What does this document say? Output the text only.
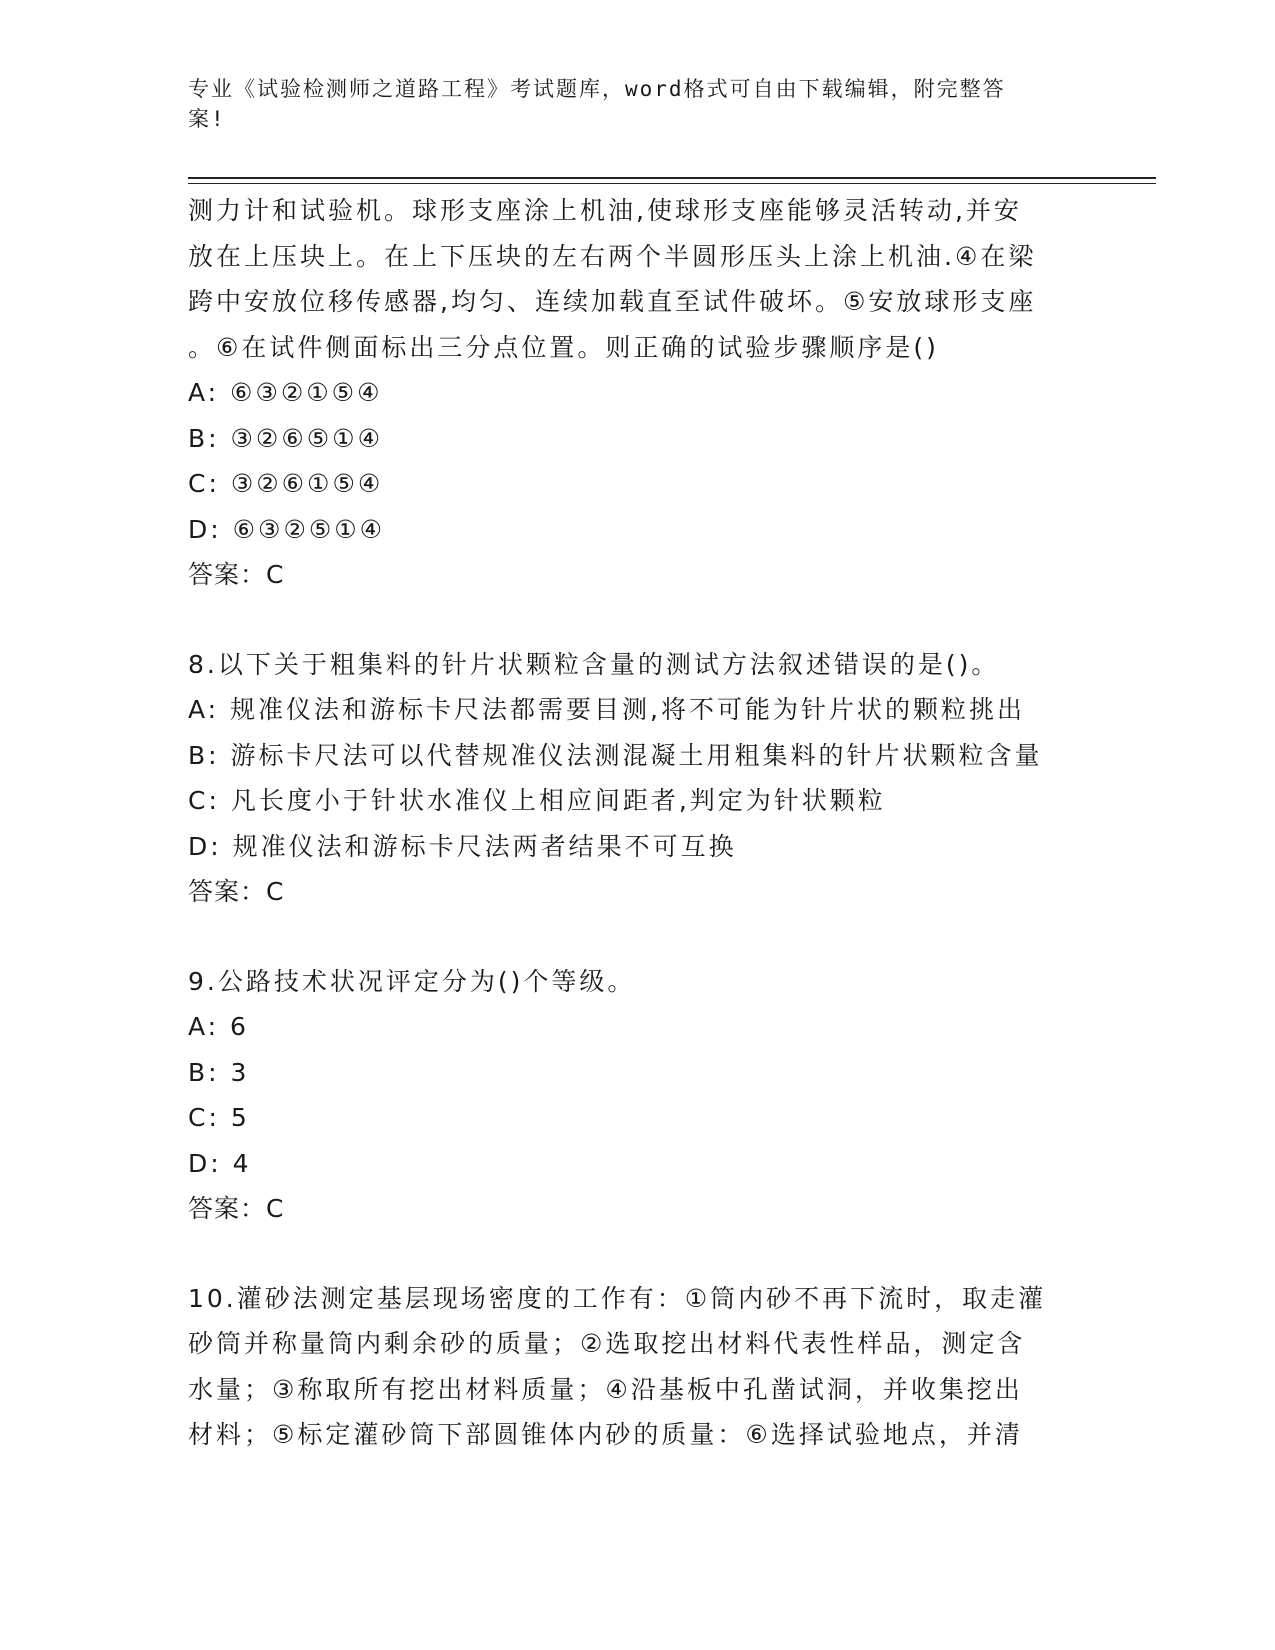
专业《试验检测师之道路工程》考试题库，word格式可自由下载编辑，附完整答
案!
测力计和试验机。球形支座涂上机油,使球形支座能够灵活转动,并安
放在上压块上。在上下压块的左右两个半圆形压头上涂上机油.④在梁
跨中安放位移传感器,均匀、连续加载直至试件破坏。⑤安放球形支座
。⑥在试件侧面标出三分点位置。则正确的试验步骤顺序是()
A: ⑥③②①⑤④
B: ③②⑥⑤①④
C: ③②⑥①⑤④
D: ⑥③②⑤①④
答案：C
8.以下关于粗集料的针片状颗粒含量的测试方法叙述错误的是()。
A: 规准仪法和游标卡尺法都需要目测,将不可能为针片状的颗粒挑出
B: 游标卡尺法可以代替规准仪法测混凝土用粗集料的针片状颗粒含量
C: 凡长度小于针状水准仪上相应间距者,判定为针状颗粒
D: 规准仪法和游标卡尺法两者结果不可互换
答案：C
9.公路技术状况评定分为()个等级。
A: 6
B: 3
C: 5
D: 4
答案：C
10.灌砂法测定基层现场密度的工作有：①筒内砂不再下流时，取走灌
砂筒并称量筒内剩余砂的质量；②选取挖出材料代表性样品，测定含
水量；③称取所有挖出材料质量；④沿基板中孔凿试洞，并收集挖出
材料；⑤标定灌砂筒下部圆锥体内砂的质量：⑥选择试验地点，并清
